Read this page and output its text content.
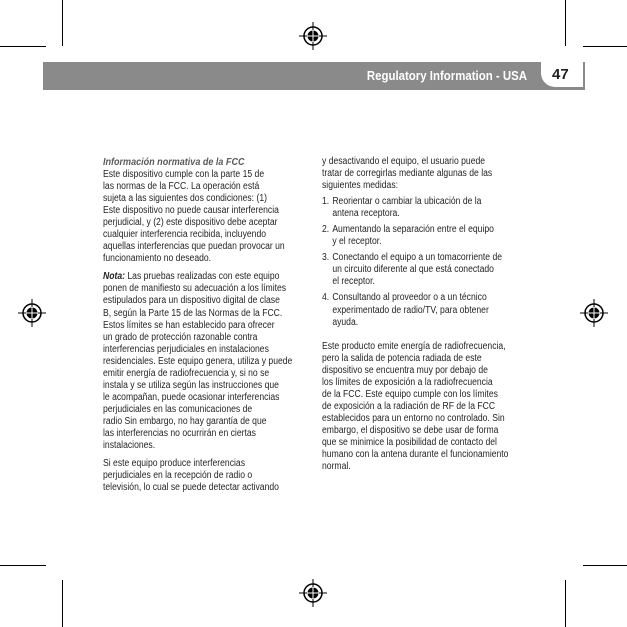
Regulatory Information - USA 47
Información normativa de la FCC
Este dispositivo cumple con la parte 15 de
las normas de la FCC. La operación está
sujeta a las siguientes dos condiciones: (1)
Este dispositivo no puede causar interferencia
perjudicial, y (2) este dispositivo debe aceptar
cualquier interferencia recibida, incluyendo
aquellas interferencias que puedan provocar un
funcionamiento no deseado.
Nota: Las pruebas realizadas con este equipo
ponen de manifiesto su adecuación a los límites
estipulados para un dispositivo digital de clase
B, según la Parte 15 de las Normas de la FCC.
Estos límites se han establecido para ofrecer
un grado de protección razonable contra
interferencias perjudiciales en instalaciones
residenciales. Este equipo genera, utiliza y puede
emitir energía de radiofrecuencia y, si no se
instala y se utiliza según las instrucciones que
le acompañan, puede ocasionar interferencias
perjudiciales en las comunicaciones de
radio Sin embargo, no hay garantía de que
las interferencias no ocurrirán en ciertas
instalaciones.
Si este equipo produce interferencias
perjudiciales en la recepción de radio o
televisión, lo cual se puede detectar activando
y desactivando el equipo, el usuario puede
tratar de corregirlas mediante algunas de las
siguientes medidas:
1. Reorientar o cambiar la ubicación de la
antena receptora.
2. Aumentando la separación entre el equipo
y el receptor.
3. Conectando el equipo a un tomacorriente de
un circuito diferente al que está conectado
el receptor.
4. Consultando al proveedor o a un técnico
experimentado de radio/TV, para obtener
ayuda.
Este producto emite energía de radiofrecuencia,
pero la salida de potencia radiada de este
dispositivo se encuentra muy por debajo de
los límites de exposición a la radiofrecuencia
de la FCC. Este equipo cumple con los límites
de exposición a la radiación de RF de la FCC
establecidos para un entorno no controlado. Sin
embargo, el dispositivo se debe usar de forma
que se minimice la posibilidad de contacto del
humano con la antena durante el funcionamiento
normal.
